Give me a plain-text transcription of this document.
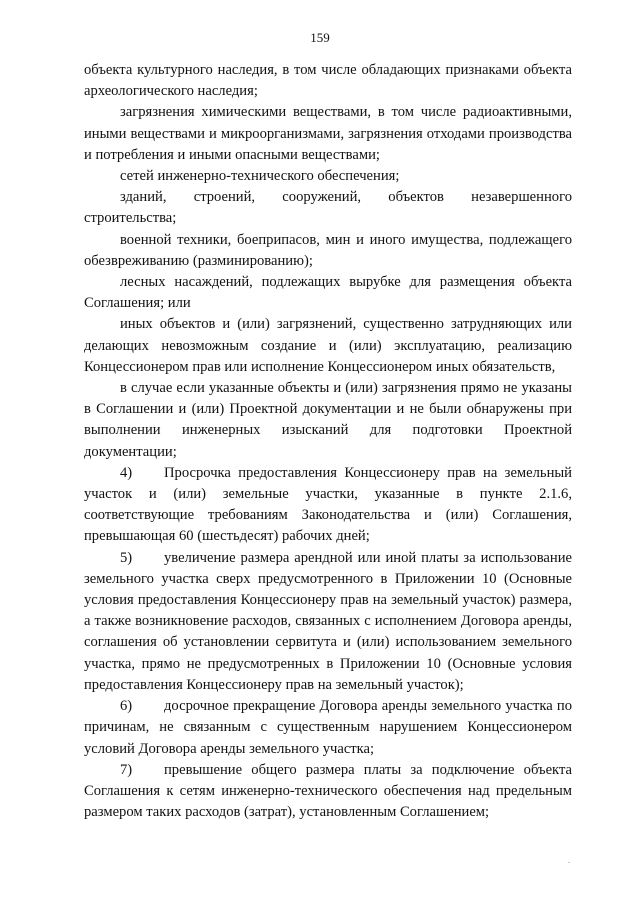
159

объекта культурного наследия, в том числе обладающих признаками объекта археологического наследия;

загрязнения химическими веществами, в том числе радиоактивными, иными веществами и микроорганизмами, загрязнения отходами производства и потребления и иными опасными веществами;

сетей инженерно-технического обеспечения;

зданий, строений, сооружений, объектов незавершенного строительства;

военной техники, боеприпасов, мин и иного имущества, подлежащего обезвреживанию (разминированию);

лесных насаждений, подлежащих вырубке для размещения объекта Соглашения; или

иных объектов и (или) загрязнений, существенно затрудняющих или делающих невозможным создание и (или) эксплуатацию, реализацию Концессионером прав или исполнение Концессионером иных обязательств,

в случае если указанные объекты и (или) загрязнения прямо не указаны в Соглашении и (или) Проектной документации и не были обнаружены при выполнении инженерных изысканий для подготовки Проектной документации;

4) Просрочка предоставления Концессионеру прав на земельный участок и (или) земельные участки, указанные в пункте 2.1.6, соответствующие требованиям Законодательства и (или) Соглашения, превышающая 60 (шестьдесят) рабочих дней;

5) увеличение размера арендной или иной платы за использование земельного участка сверх предусмотренного в Приложении 10 (Основные условия предоставления Концессионеру прав на земельный участок) размера, а также возникновение расходов, связанных с исполнением Договора аренды, соглашения об установлении сервитута и (или) использованием земельного участка, прямо не предусмотренных в Приложении 10 (Основные условия предоставления Концессионеру прав на земельный участок);

6) досрочное прекращение Договора аренды земельного участка по причинам, не связанным с существенным нарушением Концессионером условий Договора аренды земельного участка;

7) превышение общего размера платы за подключение объекта Соглашения к сетям инженерно-технического обеспечения над предельным размером таких расходов (затрат), установленным Соглашением;

.
